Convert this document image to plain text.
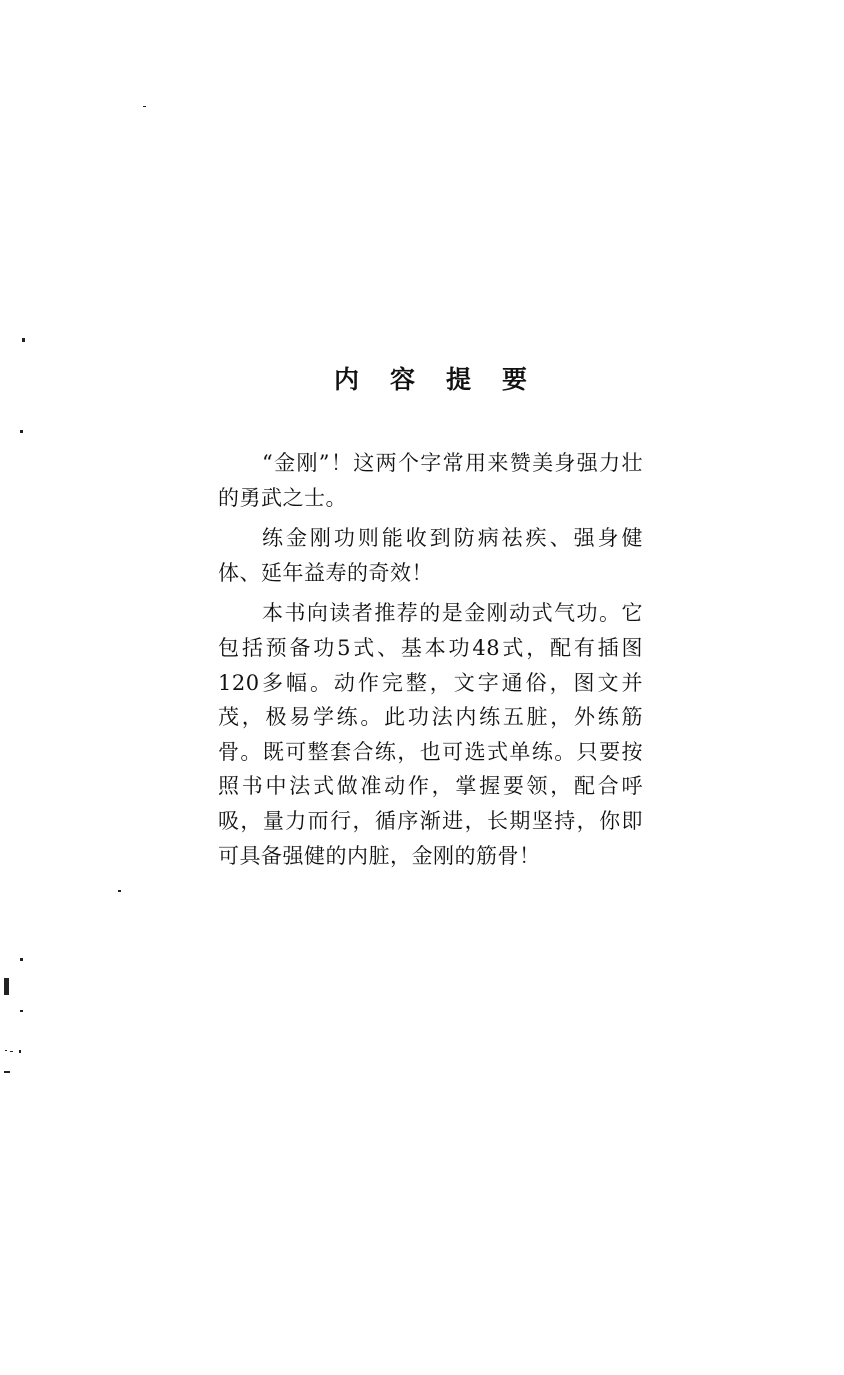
内容提要

“金刚”！这两个字常用来赞美身强力壮的勇武之士。

练金刚功则能收到防病祛疾、强身健体、延年益寿的奇效！

本书向读者推荐的是金刚动式气功。它包括预备功5式、基本功48式，配有插图120多幅。动作完整，文字通俗，图文并茂，极易学练。此功法内练五脏，外练筋骨。既可整套合练，也可选式单练。只要按照书中法式做准动作，掌握要领，配合呼吸，量力而行，循序渐进，长期坚持，你即可具备强健的内脏，金刚的筋骨！
